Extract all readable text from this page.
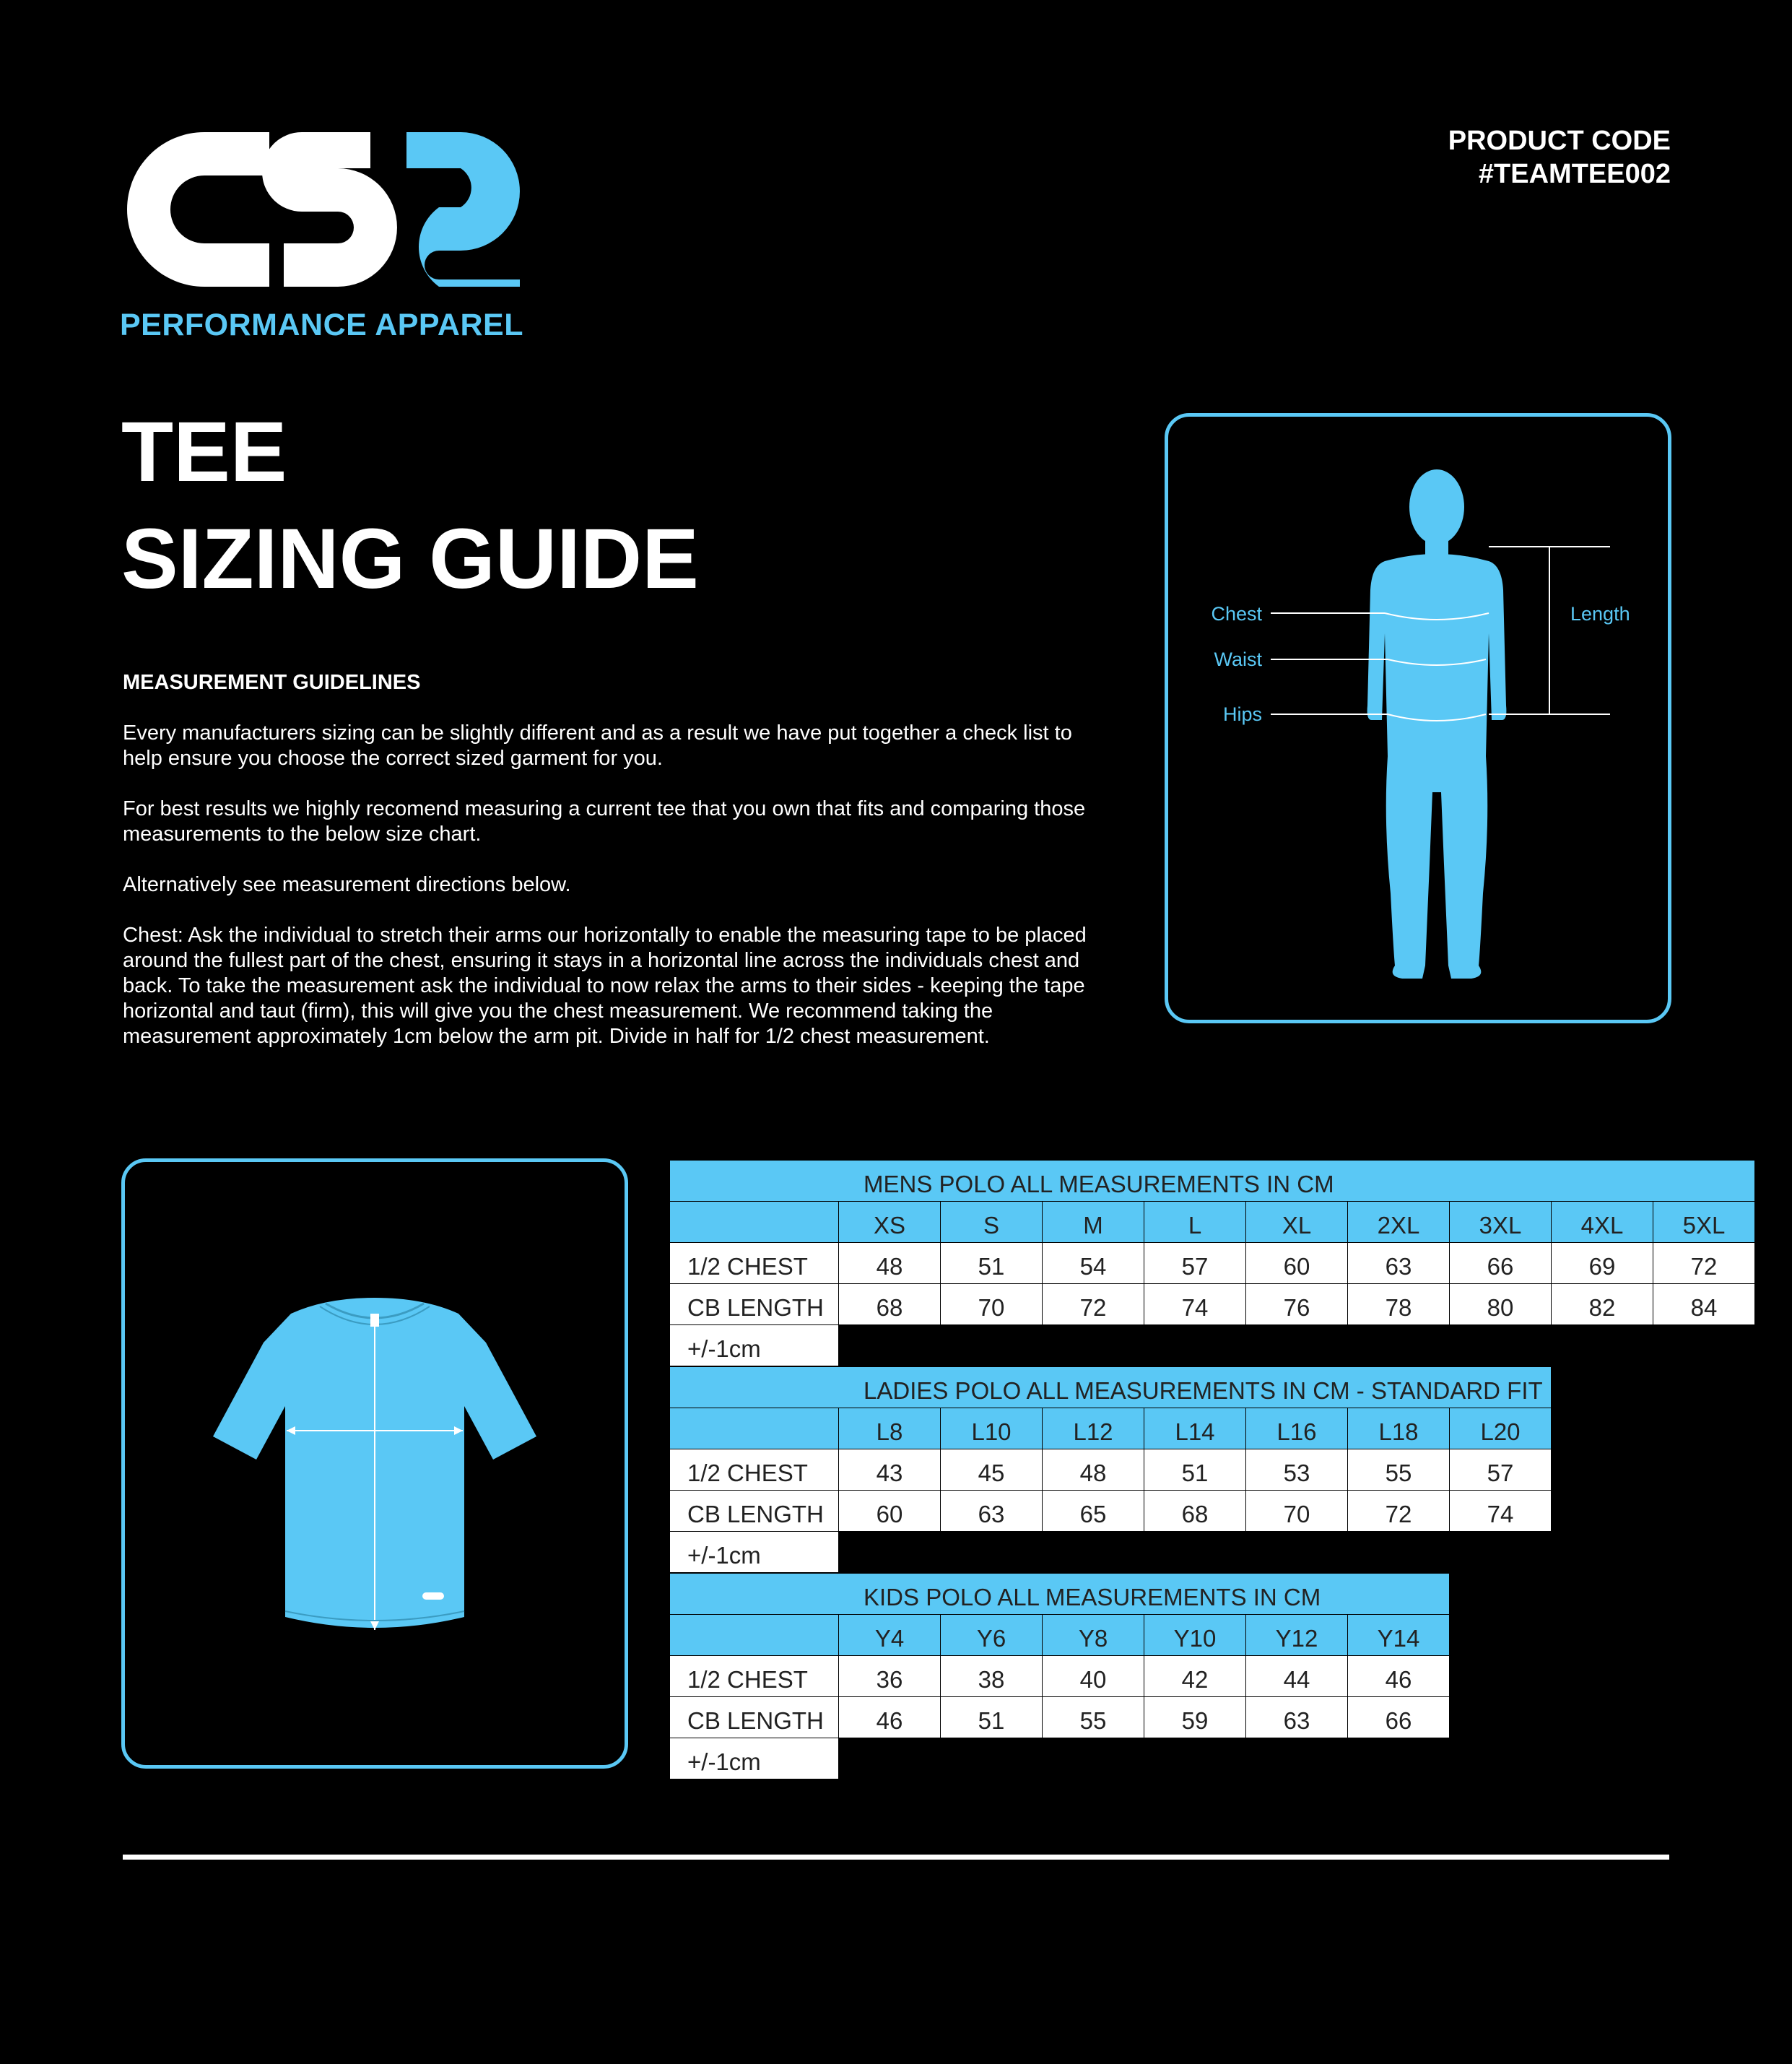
PERFORMANCE APPAREL
PRODUCT CODE
#TEAMTEE002
TEE
SIZING GUIDE
MEASUREMENT GUIDELINES

Every manufacturers sizing can be slightly different and as a result we have put together a check list to help ensure you choose the correct sized garment for you.

For best results we highly recomend measuring a current tee that you own that fits and comparing those measurements to the below size chart.

Alternatively see measurement directions below.

Chest: Ask the individual to stretch their arms our horizontally to enable the measuring tape to be placed around the fullest part of the chest, ensuring it stays in a horizontal line across the individuals chest and back. To take the measurement ask the individual to now relax the arms to their sides - keeping the tape horizontal and taut (firm), this will give you the chest measurement. We recommend taking the measurement approximately 1cm below the arm pit. Divide in half for 1/2 chest measurement.

Chest
Waist
Hips
Length
MENS POLO ALL MEASUREMENTS IN CM									
	XS	S	M	L	XL	2XL	3XL	4XL	5XL
1/2 CHEST	48	51	54	57	60	63	66	69	72
CB LENGTH	68	70	72	74	76	78	80	82	84
+/-1cm									
LADIES POLO ALL MEASUREMENTS IN CM - STANDARD FIT							
	L8	L10	L12	L14	L16	L18	L20
1/2 CHEST	43	45	48	51	53	55	57
CB LENGTH	60	63	65	68	70	72	74
+/-1cm							
KIDS POLO ALL MEASUREMENTS IN CM						
	Y4	Y6	Y8	Y10	Y12	Y14
1/2 CHEST	36	38	40	42	44	46
CB LENGTH	46	51	55	59	63	66
+/-1cm						
